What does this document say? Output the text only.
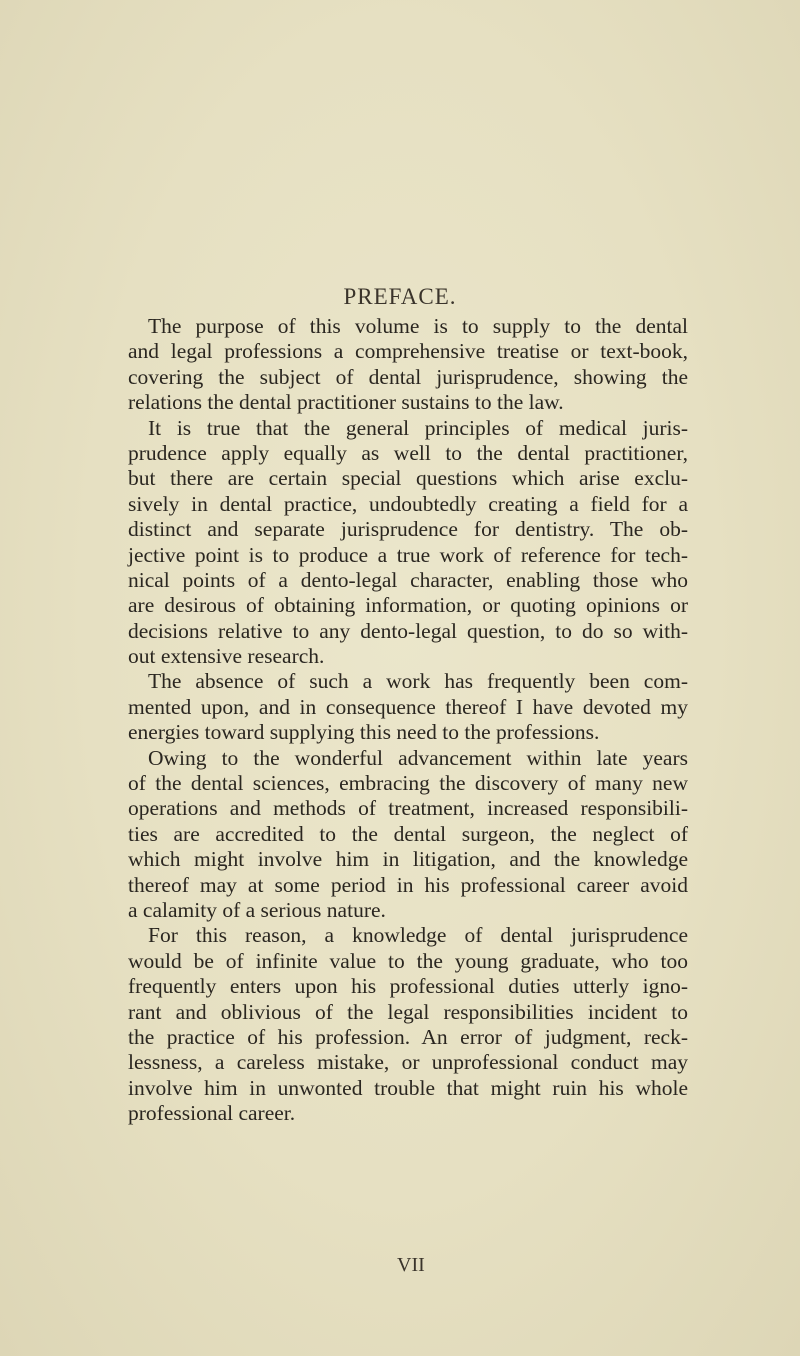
PREFACE.
The purpose of this volume is to supply to the dental
and legal professions a comprehensive treatise or text-book,
covering the subject of dental jurisprudence, showing the
relations the dental practitioner sustains to the law.
It is true that the general principles of medical juris-
prudence apply equally as well to the dental practitioner,
but there are certain special questions which arise exclu-
sively in dental practice, undoubtedly creating a field for a
distinct and separate jurisprudence for dentistry. The ob-
jective point is to produce a true work of reference for tech-
nical points of a dento-legal character, enabling those who
are desirous of obtaining information, or quoting opinions or
decisions relative to any dento-legal question, to do so with-
out extensive research.
The absence of such a work has frequently been com-
mented upon, and in consequence thereof I have devoted my
energies toward supplying this need to the professions.
Owing to the wonderful advancement within late years
of the dental sciences, embracing the discovery of many new
operations and methods of treatment, increased responsibili-
ties are accredited to the dental surgeon, the neglect of
which might involve him in litigation, and the knowledge
thereof may at some period in his professional career avoid
a calamity of a serious nature.
For this reason, a knowledge of dental jurisprudence
would be of infinite value to the young graduate, who too
frequently enters upon his professional duties utterly igno-
rant and oblivious of the legal responsibilities incident to
the practice of his profession. An error of judgment, reck-
lessness, a careless mistake, or unprofessional conduct may
involve him in unwonted trouble that might ruin his whole
professional career.
VII
